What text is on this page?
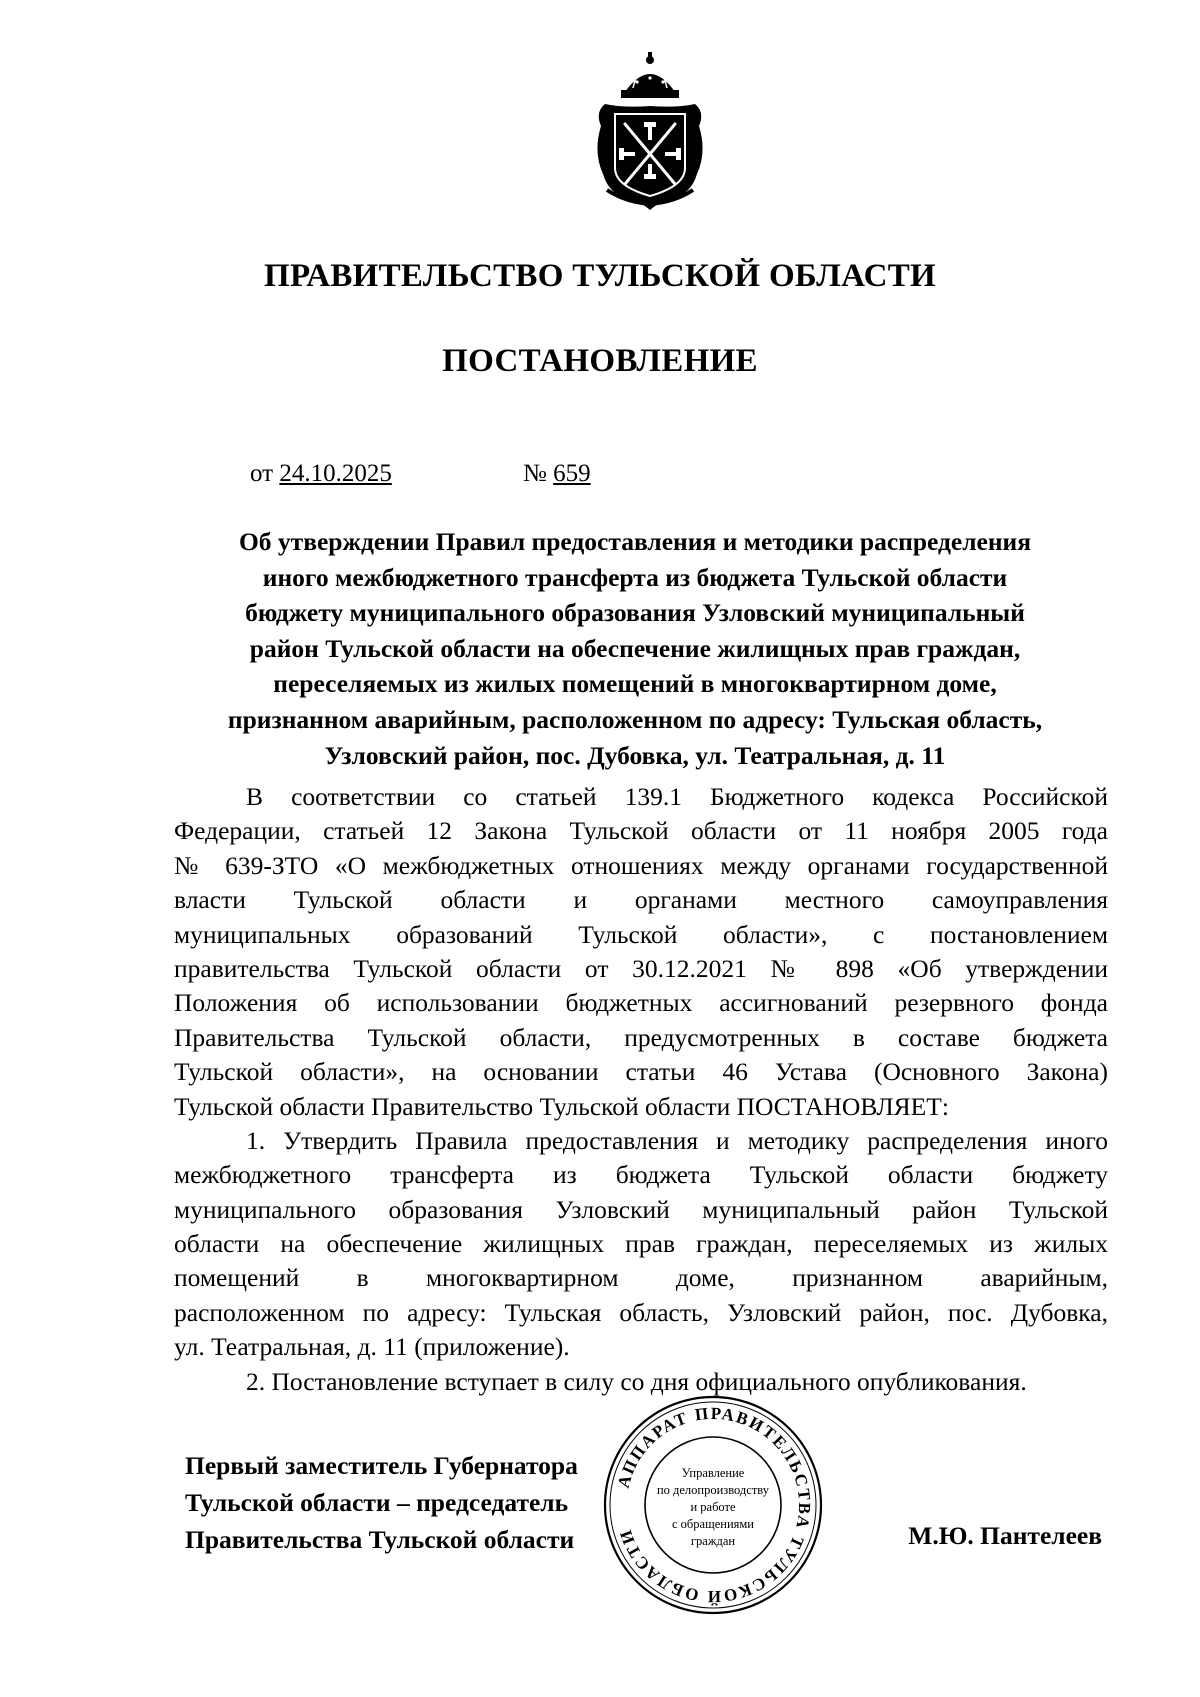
ПРАВИТЕЛЬСТВО ТУЛЬСКОЙ ОБЛАСТИ
ПОСТАНОВЛЕНИЕ
от 24.10.2025	№ 659
Об утверждении Правил предоставления и методики распределения
иного межбюджетного трансферта из бюджета Тульской области
бюджету муниципального образования Узловский муниципальный
район Тульской области на обеспечение жилищных прав граждан,
переселяемых из жилых помещений в многоквартирном доме,
признанном аварийным, расположенном по адресу: Тульская область,
Узловский район, пос. Дубовка, ул. Театральная, д. 11
В соответствии со статьей 139.1 Бюджетного кодекса Российской
Федерации, статьей 12 Закона Тульской области от 11 ноября 2005 года
№ 639-ЗТО «О межбюджетных отношениях между органами государственной
власти Тульской области и органами местного самоуправления
муниципальных образований Тульской области», с постановлением
правительства Тульской области от 30.12.2021 № 898 «Об утверждении
Положения об использовании бюджетных ассигнований резервного фонда
Правительства Тульской области, предусмотренных в составе бюджета
Тульской области», на основании статьи 46 Устава (Основного Закона)
Тульской области Правительство Тульской области ПОСТАНОВЛЯЕТ:
1. Утвердить Правила предоставления и методику распределения иного
межбюджетного трансферта из бюджета Тульской области бюджету
муниципального образования Узловский муниципальный район Тульской
области на обеспечение жилищных прав граждан, переселяемых из жилых
помещений в многоквартирном доме, признанном аварийным,
расположенном по адресу: Тульская область, Узловский район, пос. Дубовка,
ул. Театральная, д. 11 (приложение).
2. Постановление вступает в силу со дня официального опубликования.
Первый заместитель Губернатора
Тульской области – председатель
Правительства Тульской области	М.Ю. Пантелеев
АППАРАТ ПРАВИТЕЛЬСТВА ТУЛЬСКОЙ ОБЛАСТИ
Управление
по делопроизводству
и работе
с обращениями
граждан
